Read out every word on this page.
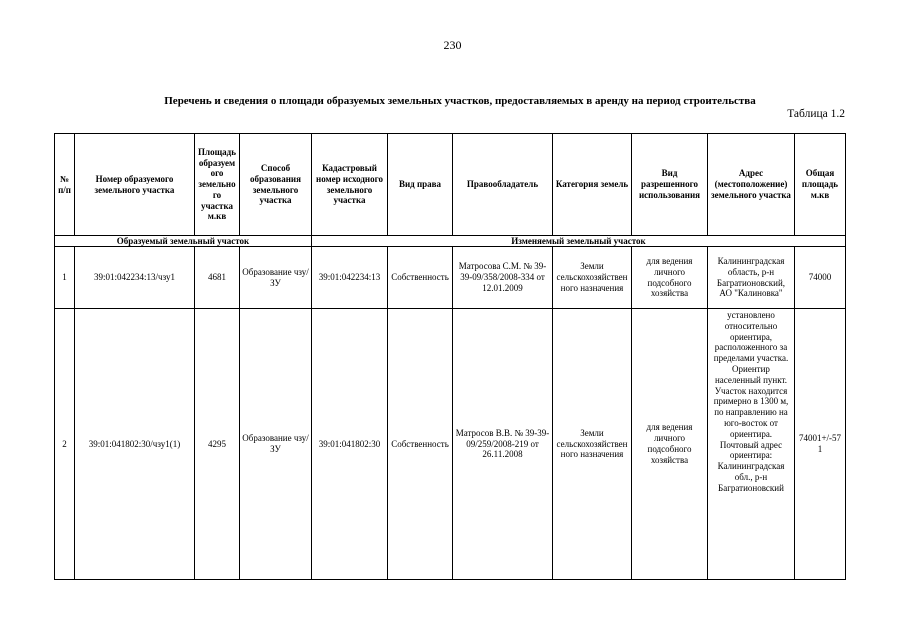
230
Перечень и сведения о площади образуемых земельных участков, предоставляемых в аренду на период строительства
Таблица 1.2
№ п/п	Номер образуемого земельного участка	Площадь образуемого земельного участка м.кв	Способ образования земельного участка	Кадастровый номер исходного земельного участка	Вид права	Правообладатель	Категория земель	Вид разрешенного использования	Адрес (местоположение) земельного участка	Общая площадь м.кв
Образуемый земельный участок				Изменяемый земельный участок						
1	39:01:042234:13/чзу1	4681	Образование чзу/ЗУ	39:01:042234:13	Собственность	Матросова С.М. № 39-39-09/358/2008-334 от 12.01.2009	Земли сельскохозяйственного назначения	для ведения личного подсобного хозяйства	Калининградская область, р-н Багратионовский, АО "Калиновка"	74000
2	39:01:041802:30/чзу1(1)	4295	Образование чзу/ЗУ	39:01:041802:30	Собственность	Матросов В.В. № 39-39-09/259/2008-219 от 26.11.2008	Земли сельскохозяйственного назначения	для ведения личного подсобного хозяйства	установлено относительно ориентира, расположенного за пределами участка. Ориентир населенный пункт. Участок находится примерно в 1300 м, по направлению на юго-восток от ориентира. Почтовый адрес ориентира: Калининградская обл., р-н Багратионовский	74001+/-571
